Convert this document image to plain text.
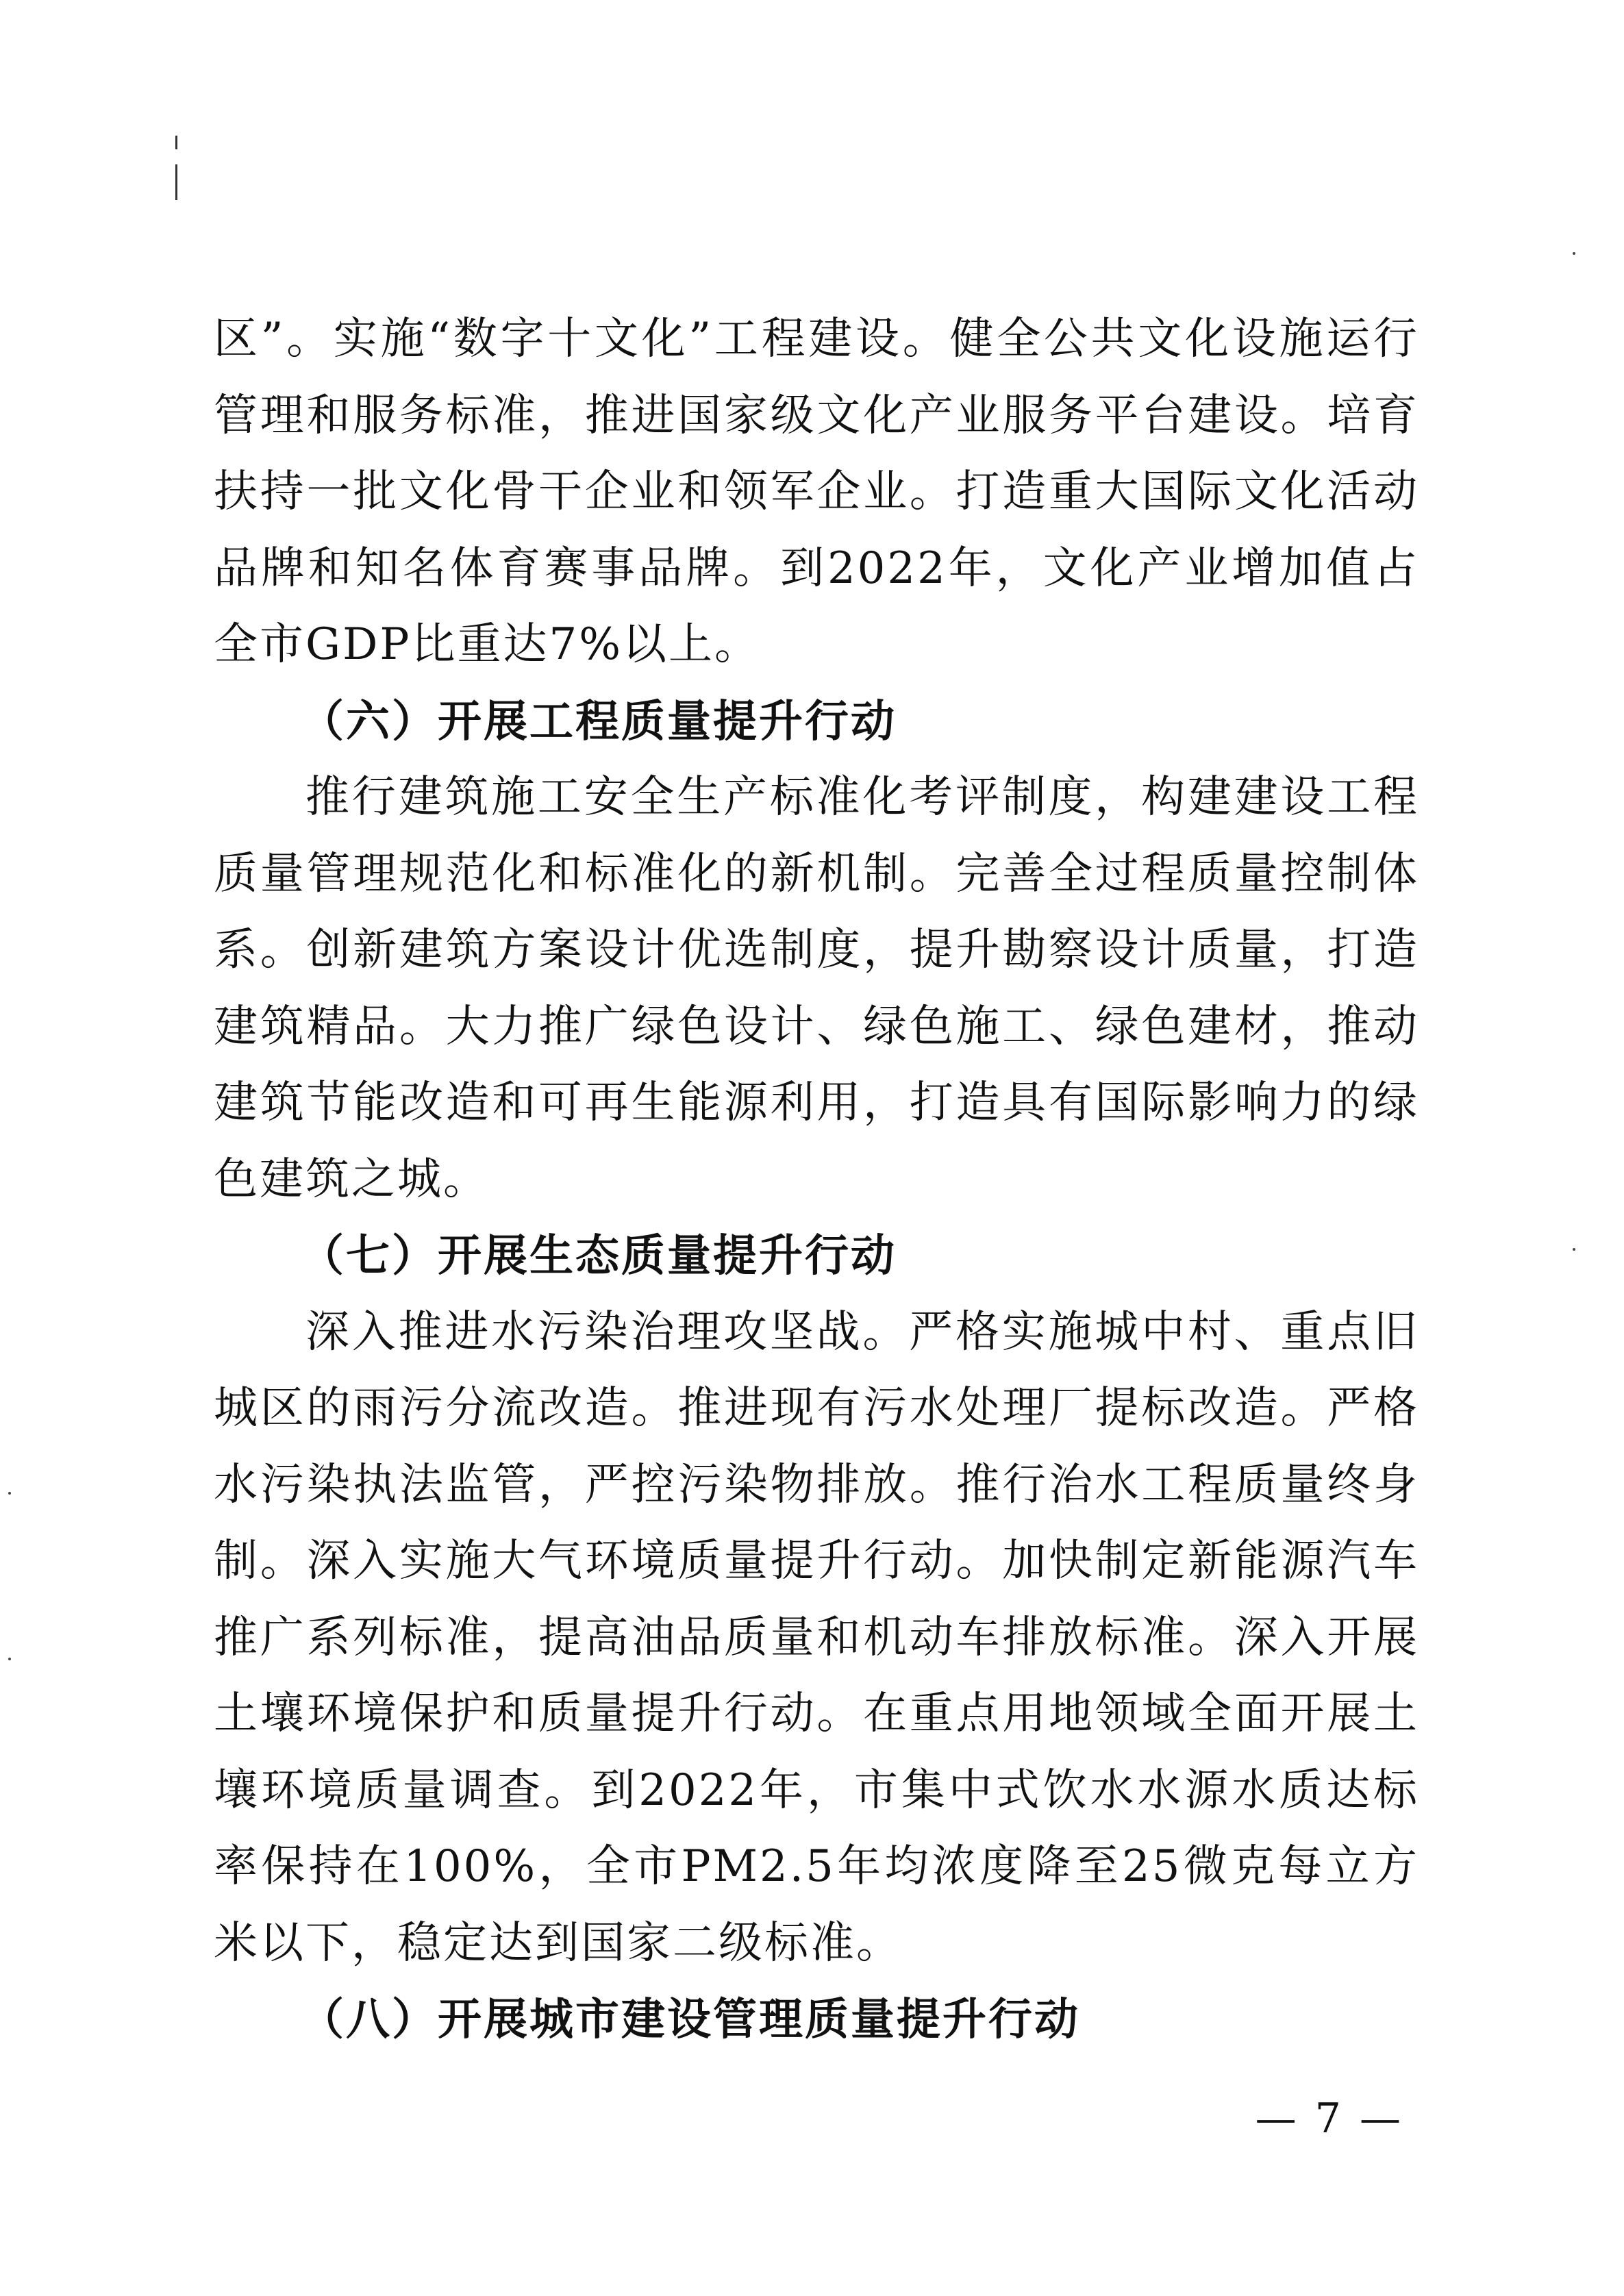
区”。实施“数字十文化”工程建设。健全公共文化设施运行管理和服务标准，推进国家级文化产业服务平台建设。培育扶持一批文化骨干企业和领军企业。打造重大国际文化活动品牌和知名体育赛事品牌。到2022年，文化产业增加值占全市GDP比重达7%以上。

（六）开展工程质量提升行动

推行建筑施工安全生产标准化考评制度，构建建设工程质量管理规范化和标准化的新机制。完善全过程质量控制体系。创新建筑方案设计优选制度，提升勘察设计质量，打造建筑精品。大力推广绿色设计、绿色施工、绿色建材，推动建筑节能改造和可再生能源利用，打造具有国际影响力的绿色建筑之城。

（七）开展生态质量提升行动

深入推进水污染治理攻坚战。严格实施城中村、重点旧城区的雨污分流改造。推进现有污水处理厂提标改造。严格水污染执法监管，严控污染物排放。推行治水工程质量终身制。深入实施大气环境质量提升行动。加快制定新能源汽车推广系列标准，提高油品质量和机动车排放标准。深入开展土壤环境保护和质量提升行动。在重点用地领域全面开展土壤环境质量调查。到2022年，市集中式饮水水源水质达标率保持在100%，全市PM2.5年均浓度降至25微克每立方米以下，稳定达到国家二级标准。

（八）开展城市建设管理质量提升行动

— 7 —
